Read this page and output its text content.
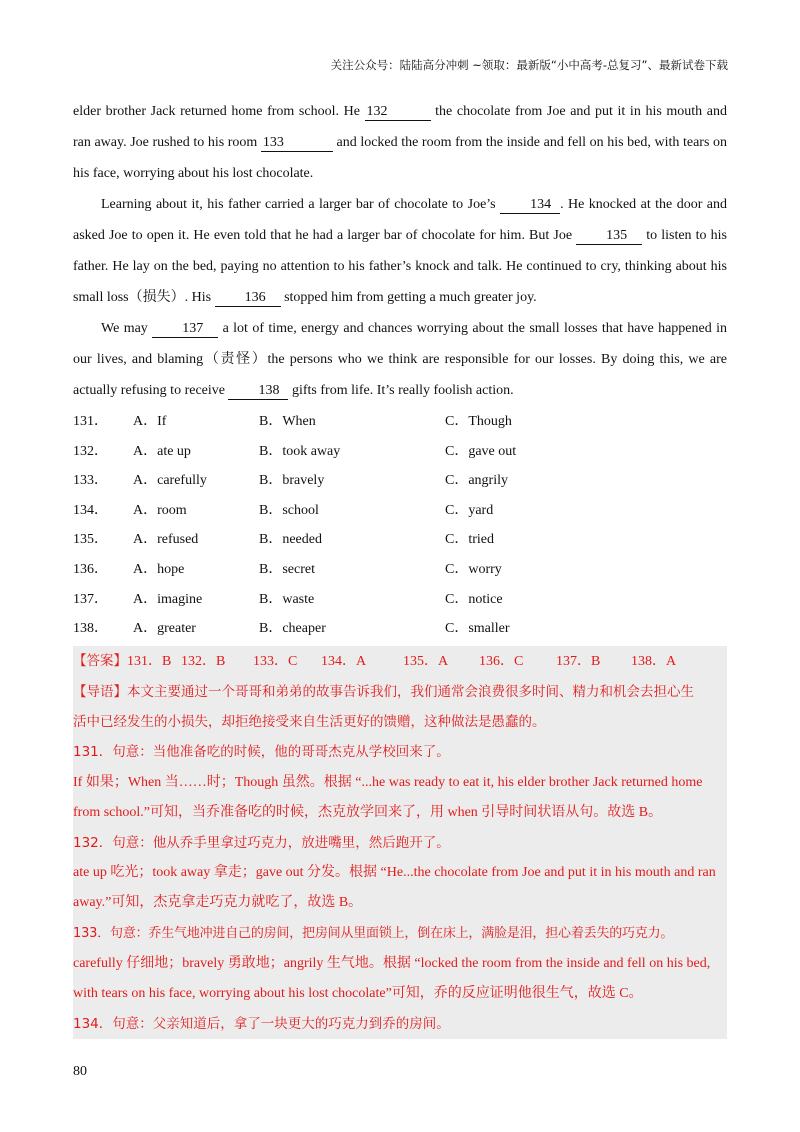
关注公众号：陆陆高分冲刺 ~领取：最新版“小中高考-总复习”、最新试卷下载
elder brother Jack returned home from school. He 132	the chocolate from Joe and put it in his mouth and ran away. Joe rushed to his room 133	and locked the room from the inside and fell on his bed, with tears on his face, worrying about his lost chocolate.
Learning about it, his father carried a larger bar of chocolate to Joe’s 134 . He knocked at the door and asked Joe to open it. He even told that he had a larger bar of chocolate for him. But Joe 135 to listen to his father. He lay on the bed, paying no attention to his father’s knock and talk. He continued to cry, thinking about his small loss（损失）. His 136 stopped him from getting a much greater joy.
We may 137 a lot of time, energy and chances worrying about the small losses that have happened in our lives, and blaming（责怪）the persons who we think are responsible for our losses. By doing this, we are actually refusing to receive 138 gifts from life. It’s really foolish action.
131．	A．If	B．When	C．Though
132．	A．ate up	B．took away	C．gave out
133．	A．carefully	B．bravely	C．angrily
134．	A．room	B．school	C．yard
135．	A．refused	B．needed	C．tried
136．	A．hope	B．secret	C．worry
137．	A．imagine	B．waste	C．notice
138．	A．greater	B．cheaper	C．smaller
【答案】131．B 132．B 133．C 134．A	135．A 136．C 137．B 138．A
【导语】本文主要通过一个哥哥和弟弟的故事告诉我们，我们通常会浪费很多时间、精力和机会去担心生
活中已经发生的小损失，却拒绝接受来自生活更好的馈赠，这种做法是愚蠢的。
131．句意：当他准备吃的时候，他的哥哥杰克从学校回来了。
If 如果；When 当……时；Though 虽然。根据 “...he was ready to eat it, his elder brother Jack returned home
from school.”可知，当乔准备吃的时候，杰克放学回来了，用 when 引导时间状语从句。故选 B。
132．句意：他从乔手里拿过巧克力，放进嘴里，然后跑开了。
ate up 吃光；took away 拿走；gave out 分发。根据 “He...the chocolate from Joe and put it in his mouth and ran
away.”可知，杰克拿走巧克力就吃了，故选 B。
133．句意：乔生气地冲进自己的房间，把房间从里面锁上，倒在床上，满脸是泪，担心着丢失的巧克力。
carefully 仔细地；bravely 勇敢地；angrily 生气地。根据 “locked the room from the inside and fell on his bed,
with tears on his face, worrying about his lost chocolate”可知，乔的反应证明他很生气，故选 C。
134．句意：父亲知道后，拿了一块更大的巧克力到乔的房间。
80
